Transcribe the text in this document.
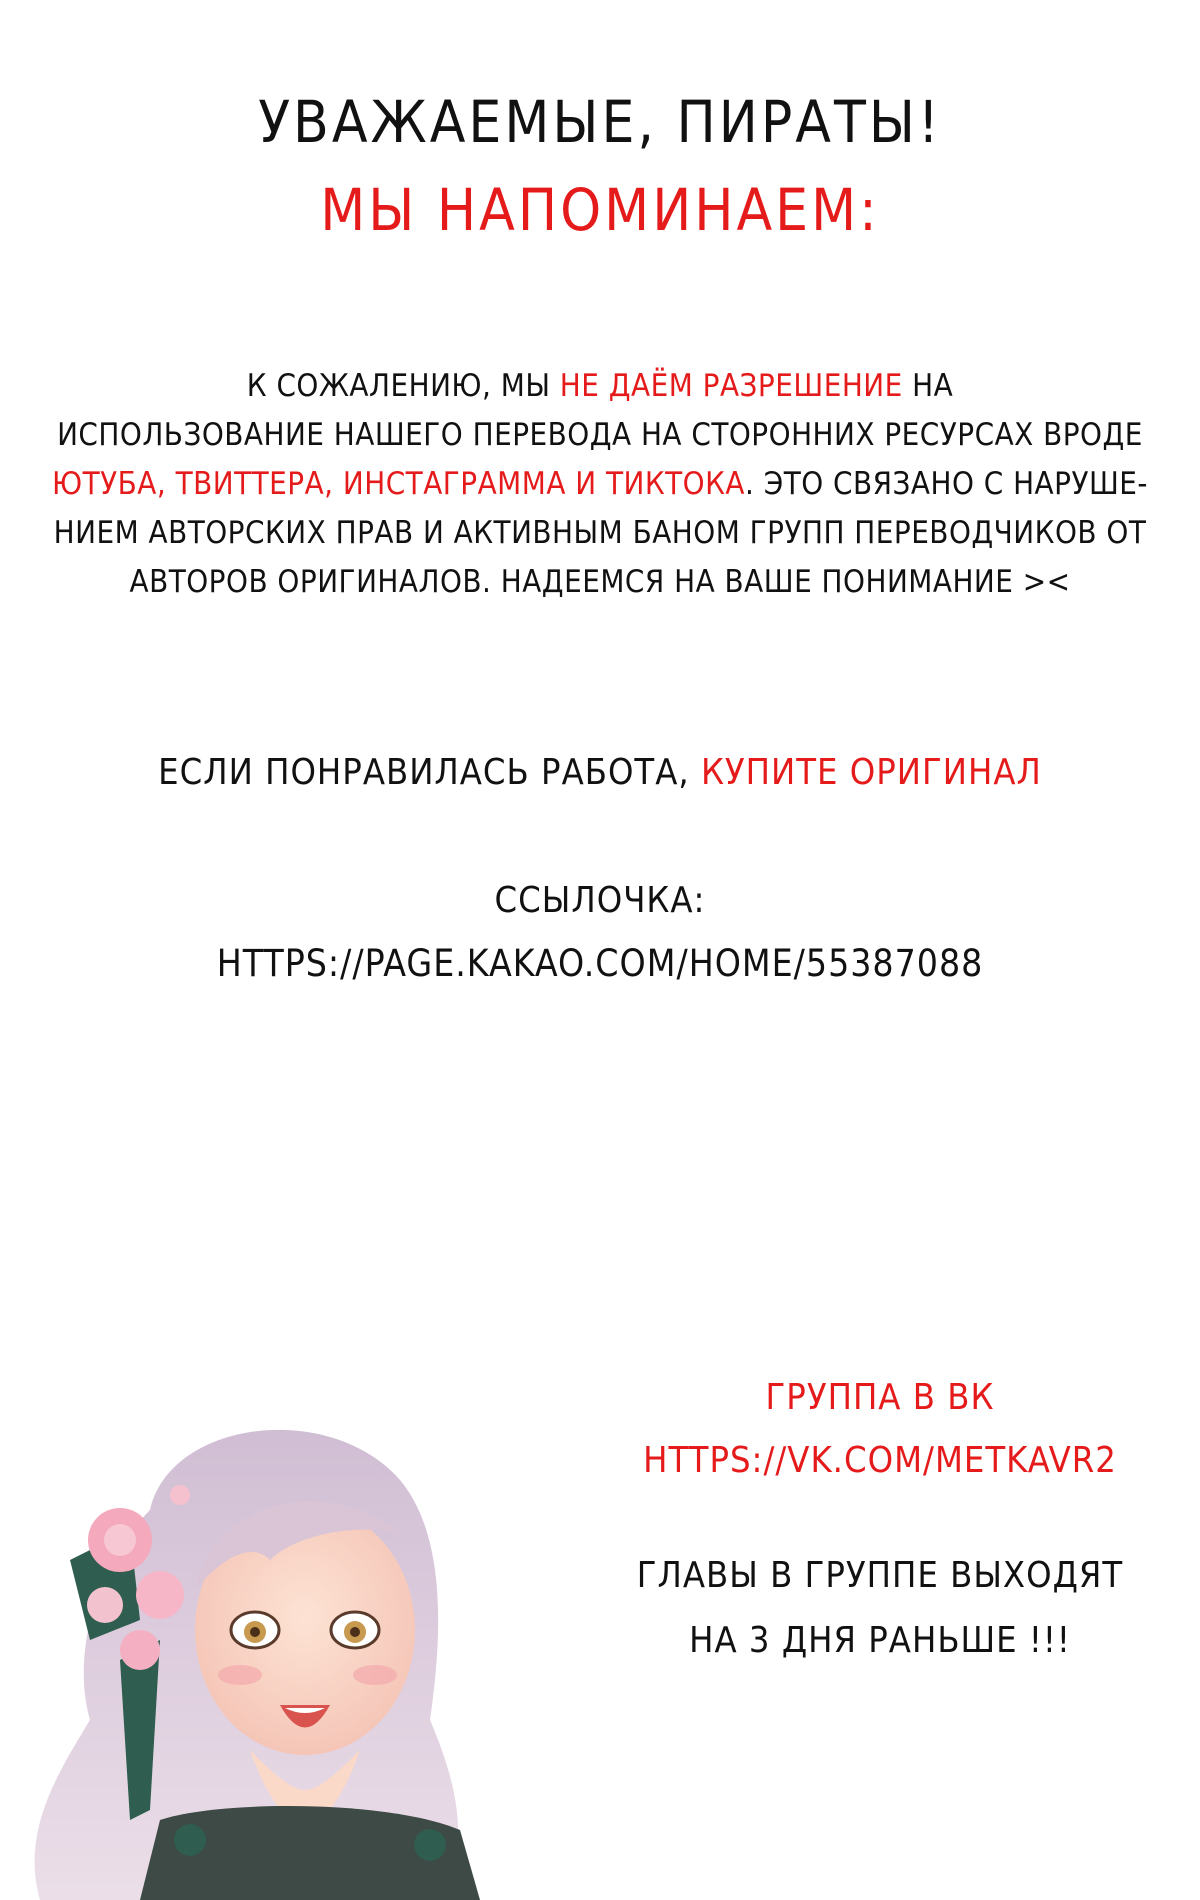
УВАЖАЕМЫЕ, ПИРАТЫ!
МЫ НАПОМИНАЕМ:
К СОЖАЛЕНИЮ, МЫ НЕ ДАЁМ РАЗРЕШЕНИЕ НА
ИСПОЛЬЗОВАНИЕ НАШЕГО ПЕРЕВОДА НА СТОРОННИХ РЕСУРСАХ ВРОДЕ
ЮТУБА, ТВИТТЕРА, ИНСТАГРАММА И ТИКТОКА. ЭТО СВЯЗАНО С НАРУШЕ-
НИЕМ АВТОРСКИХ ПРАВ И АКТИВНЫМ БАНОМ ГРУПП ПЕРЕВОДЧИКОВ ОТ
АВТОРОВ ОРИГИНАЛОВ. НАДЕЕМСЯ НА ВАШЕ ПОНИМАНИЕ ><
ЕСЛИ ПОНРАВИЛАСЬ РАБОТА, КУПИТЕ ОРИГИНАЛ
ССЫЛОЧКА:
HTTPS://PAGE.KAKAO.COM/HOME/55387088
ГРУППА В ВК
HTTPS://VK.COM/METKAVR2
ГЛАВЫ В ГРУППЕ ВЫХОДЯТ
НА 3 ДНЯ РАНЬШЕ !!!
